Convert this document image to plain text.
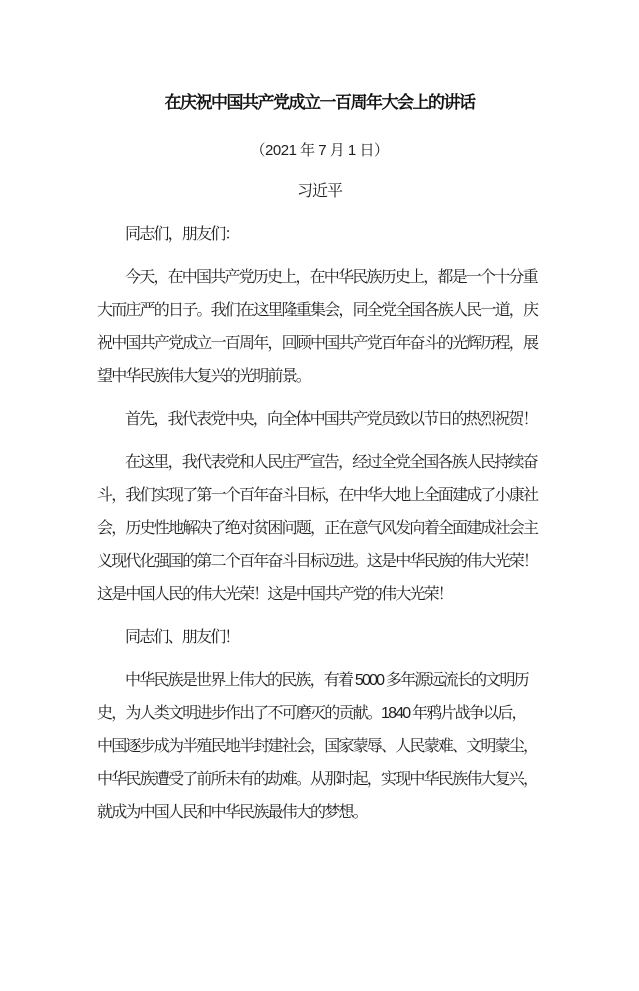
在庆祝中国共产党成立一百周年大会上的讲话
（2021 年 7 月 1 日）
习近平

同志们，朋友们：

今天，在中国共产党历史上，在中华民族历史上，都是一个十分重
大而庄严的日子。我们在这里隆重集会，同全党全国各族人民一道，庆
祝中国共产党成立一百周年，回顾中国共产党百年奋斗的光辉历程，展
望中华民族伟大复兴的光明前景。

首先，我代表党中央，向全体中国共产党员致以节日的热烈祝贺！

在这里，我代表党和人民庄严宣告，经过全党全国各族人民持续奋
斗，我们实现了第一个百年奋斗目标，在中华大地上全面建成了小康社
会，历史性地解决了绝对贫困问题，正在意气风发向着全面建成社会主
义现代化强国的第二个百年奋斗目标迈进。这是中华民族的伟大光荣！
这是中国人民的伟大光荣！这是中国共产党的伟大光荣！

同志们、朋友们！

中华民族是世界上伟大的民族，有着 5000 多年源远流长的文明历
史，为人类文明进步作出了不可磨灭的贡献。1840 年鸦片战争以后，
中国逐步成为半殖民地半封建社会，国家蒙辱、人民蒙难、文明蒙尘，
中华民族遭受了前所未有的劫难。从那时起，实现中华民族伟大复兴，
就成为中国人民和中华民族最伟大的梦想。
